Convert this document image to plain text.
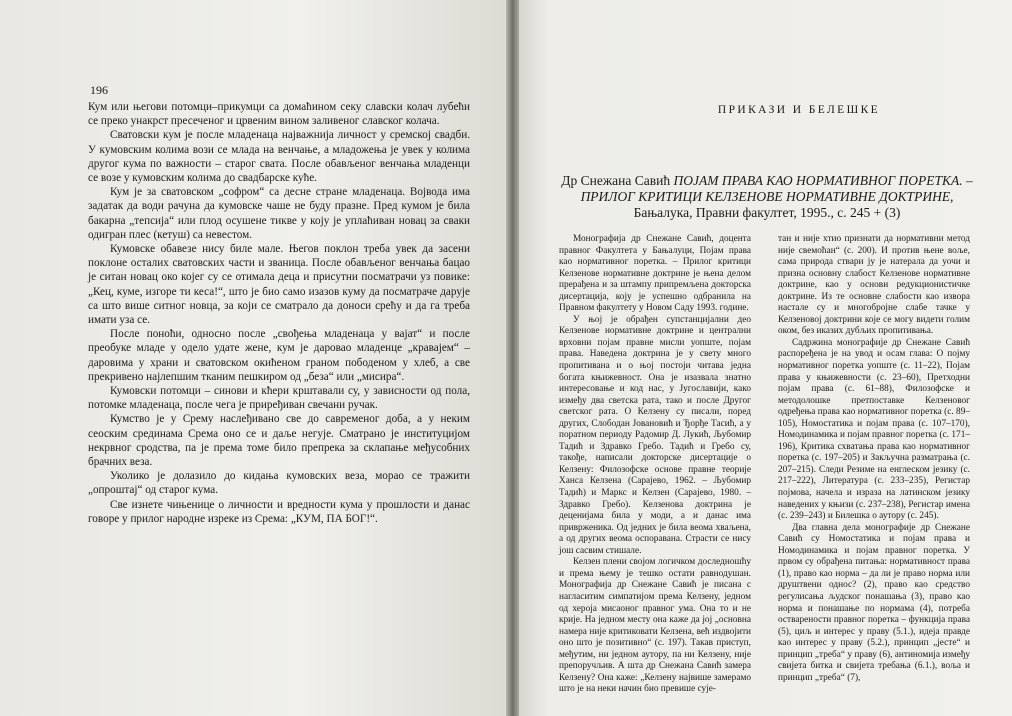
196

Кум или његови потомци–прикумци са домаћином секу славски колач лубећи се преко унакрст пресеченог и црвеним вином заливеног славског колача.

Сватовски кум је после младенаца најважнија личност у сремској свадби. У кумовским колима вози се млада на венчање, а младожења је увек у колима другог кума по важности – старог свата. После обављеног венчања младенци се возе у кумовским колима до свадбарске куће.

Кум је за сватовском „софром“ са десне стране младенаца. Војвода има задатак да води рачуна да кумовске чаше не буду празне. Пред кумом је била бакарна „тепсија“ или плод осушене тикве у коју је уплаћиван новац за сваки одигран плес (кетуш) са невестом.

Кумовске обавезе нису биле мале. Његов поклон треба увек да засени поклоне осталих сватовских части и званица. После обављеног венчања бацао је ситан новац око којег су се отимала деца и присутни посматрачи уз повике: „Кец, куме, изгоре ти кеса!“, што је био само изазов куму да посматраче дарује са што више ситног новца, за који се сматрало да доноси срећу и да га треба имати уза се.

После поноћи, односно после „свођења младенаца у вајат“ и после преобуке младе у одело удате жене, кум је даровао младенце „кравајем“ – даровима у храни и сватовском окићеном граном пободеном у хлеб, а све прекривено најлепшим тканим пешкиром од „беза“ или „мисира“.

Кумовски потомци – синови и кћери крштавали су, у зависности од пола, потомке младенаца, после чега је приређиван свечани ручак.

Кумство је у Срему наслеђивано све до савременог доба, а у неким сеоским срединама Срема оно се и даље негује. Сматрано је институцијом некрвног сродства, па је према томе било препрека за склапање међусобних брачних веза.

Уколико је долазило до кидања кумовских веза, морао се тражити „опроштај“ од старог кума.

Све изнете чињенице о личности и вредности кума у прошлости и данас говоре у прилог народне изреке из Срема: „КУМ, ПА БОГ!“.

ПРИКАЗИ И БЕЛЕШКЕ
Др Снежана Савић ПОЈАМ ПРАВА КАО НОРМАТИВНОГ ПОРЕТКА. –
ПРИЛОГ КРИТИЦИ КЕЛЗЕНОВЕ НОРМАТИВНЕ ДОКТРИНЕ,
Бањалука, Правни факултет, 1995., с. 245 + (3)

Монографија др Снежане Савић, доцента правног Факултета у Бањалуци, Појам права као нормативног поретка. – Прилог критици Келзенове нормативне доктрине је њена делом прерађена и за штампу припремљена докторска дисертација, коју је успешно одбранила на Правном факултету у Новом Саду 1993. године.

У њој је обрађен супстанцијални део Келзенове нормативне доктрине и централни врховни појам правне мисли уопште, појам права. Наведена доктрина је у свету много пропитивана и о њој постоји читава једна богата књижевност. Она је изазвала знатно интересовање и код нас, у Југославији, како између два светска рата, тако и после Другог светског рата. О Келзену су писали, поред других, Слободан Јовановић и Ђорђе Тасић, а у поратном периоду Радомир Д. Лукић, Љубомир Тадић и Здравко Гребо. Тадић и Гребо су, такође, написали докторске дисертације о Келзену: Филозофске основе правне теорије Ханса Келзена (Сарајево, 1962. – Љубомир Тадић) и Маркс и Келзен (Сарајево, 1980. – Здравко Гребо). Келзенова доктрина је деценијама била у моди, а и данас има приврженика. Од једних је била веома хваљена, а од других веома оспоравана. Страсти се нису још сасвим стишале.

Келзен плени својом логичком доследношћу и према њему је тешко остати равнодушан. Монографија др Снежане Савић је писана с нагласитим симпатијом према Келзену, једном од хероја мисаоног правног ума. Она то и не крије. На једном месту она каже да јој „основна намера није критиковати Келзена, већ издвојити оно што је позитивно“ (с. 197). Такав приступ, међутим, ни једном аутору, па ни Келзену, није препоручљив. А шта др Снежана Савић замера Келзену? Она каже: „Келзену највише замерамо што је на неки начин био превише сује-

тан и није хтио признати да нормативни метод није свемоћан“ (с. 200). И против њене воље, сама природа ствари ју је натерала да уочи и призна основну слабост Келзенове нормативне доктрине, као у основи редукционистичке доктрине. Из те основне слабости као извора настале су и многобројне слабе тачке у Келзеновој доктрини које се могу видети голим оком, без иказих дубљих пропитивања.

Садржина монографије др Снежане Савић распоређена је на увод и осам глава: О појму нормативног поретка уопште (с. 11–22), Појам права у књижевности (с. 23–60), Претходни појам права (с. 61–88), Филозофске и методолошке претпоставке Келзеновог одређења права као нормативног поретка (с. 89–105), Номостатика и појам права (с. 107–170), Номодинамика и појам правног поретка (с. 171–196), Критика схватања права као нормативног поретка (с. 197–205) и Закључна разматрања (с. 207–215). Следи Резиме на енглеском језику (с. 217–222), Литература (с. 233–235), Регистар појмова, начела и израза на латинском језику наведених у књизи (с. 237–238), Регистар имена (с. 239–243) и Билешка о аутору (с. 245).

Два главна дела монографије др Снежане Савић су Номостатика и појам права и Номодинамика и појам правног поретка. У првом су обрађена питања: нормативност права (1), право као норма – да ли је право норма или друштвени однос? (2), право као средство регулисања људског понашања (3), право као норма и понашање по нормама (4), потреба остварености правног поретка – функција права (5), циљ и интерес у праву (5.1.), идеја правде као интерес у праву (5.2.), принцип „јесте“ и принцип „треба“ у праву (6), антиномија између свијета битка и свијета требања (6.1.), воља и принцип „треба“ (7),
